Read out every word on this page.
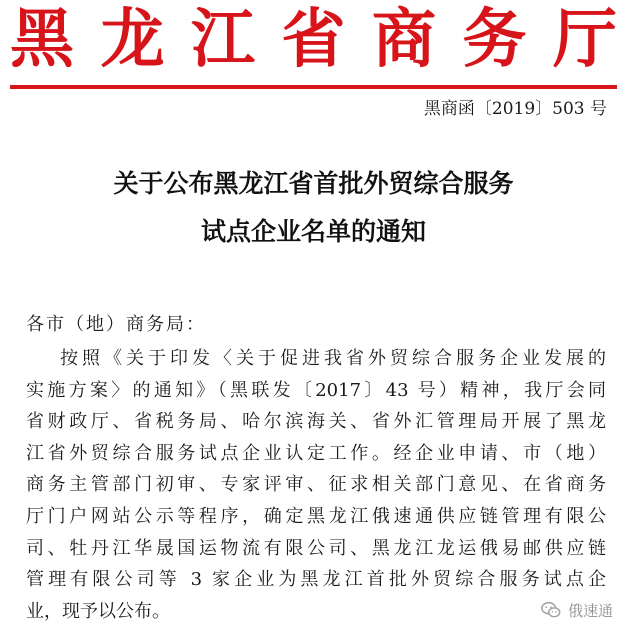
黑 龙 江 省 商 务 厅
黑商函〔2019〕503 号
关于公布黑龙江省首批外贸综合服务
试点企业名单的通知
各市（地）商务局：
按照《关于印发〈关于促进我省外贸综合服务企业发展的
实施方案〉的通知》（黑联发〔2017〕43 号）精神，我厅会同
省财政厅、省税务局、哈尔滨海关、省外汇管理局开展了黑龙
江省外贸综合服务试点企业认定工作。经企业申请、市（地）
商务主管部门初审、专家评审、征求相关部门意见、在省商务
厅门户网站公示等程序，确定黑龙江俄速通供应链管理有限公
司、牡丹江华晟国运物流有限公司、黑龙江龙运俄易邮供应链
管理有限公司等 3 家企业为黑龙江首批外贸综合服务试点企
业，现予以公布。	俄速通
